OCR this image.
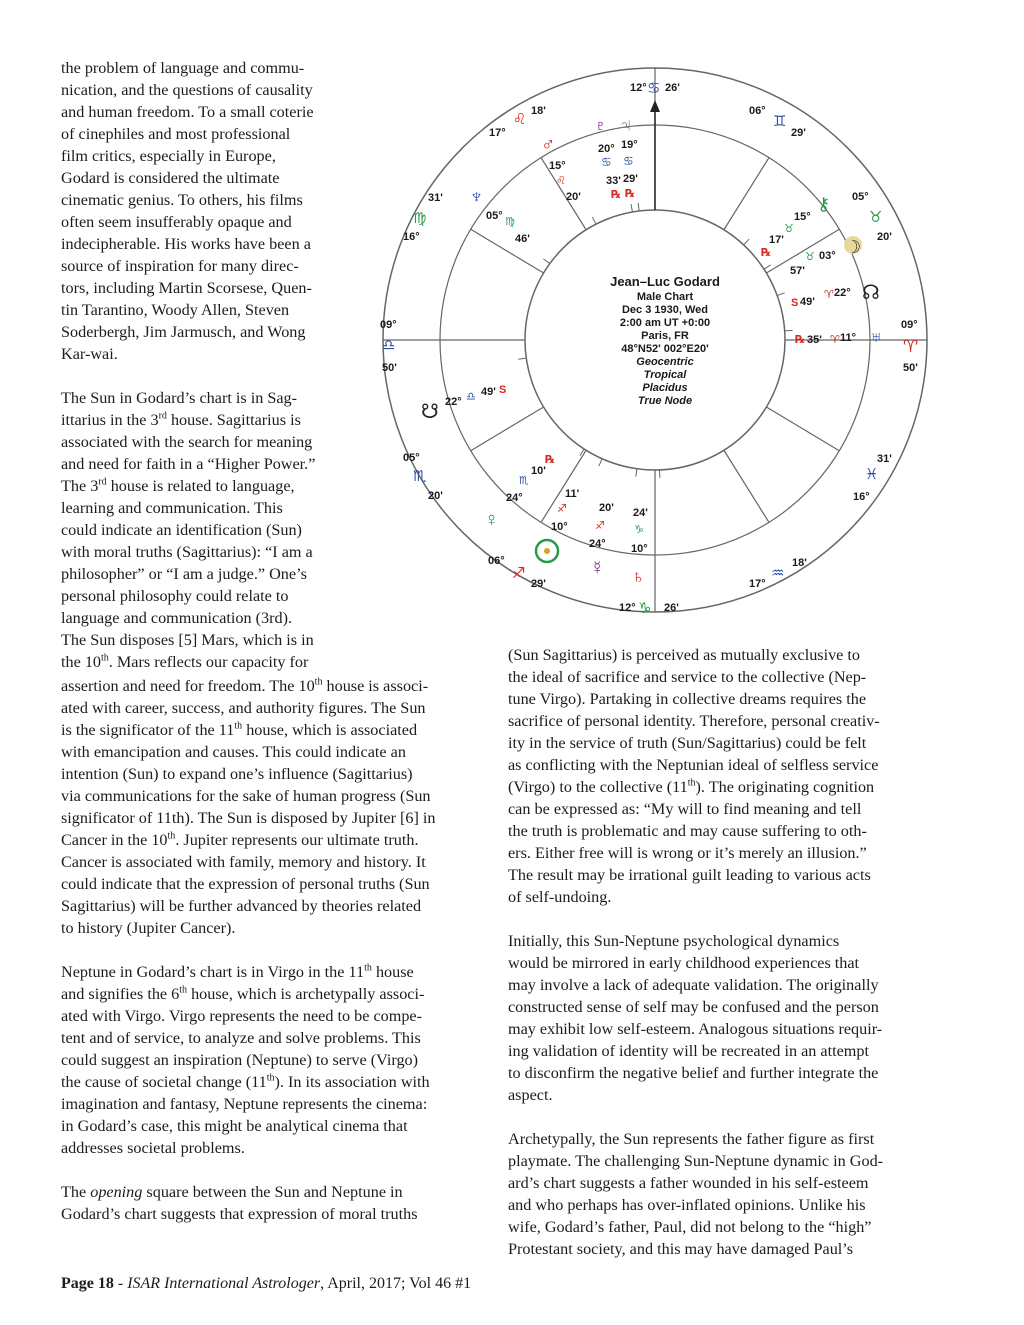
the problem of language and commu-
nication, and the questions of causality
and human freedom. To a small coterie
of cinephiles and most professional
film critics, especially in Europe,
Godard is considered the ultimate
cinematic genius. To others, his films
often seem insufferably opaque and
indecipherable. His works have been a
source of inspiration for many direc-
tors, including Martin Scorsese, Quen-
tin Tarantino, Woody Allen, Steven
Soderbergh, Jim Jarmusch, and Wong
Kar-wai.

The Sun in Godard’s chart is in Sag-
ittarius in the 3rd house. Sagittarius is
associated with the search for meaning
and need for faith in a “Higher Power.”
The 3rd house is related to language,
learning and communication. This
could indicate an identification (Sun)
with moral truths (Sagittarius): “I am a
philosopher” or “I am a judge.” One’s
personal philosophy could relate to
language and communication (3rd).
The Sun disposes [5] Mars, which is in
the 10th. Mars reflects our capacity for

assertion and need for freedom. The 10th house is associ-
ated with career, success, and authority figures. The Sun
is the significator of the 11th house, which is associated
with emancipation and causes. This could indicate an
intention (Sun) to expand one’s influence (Sagittarius)
via communications for the sake of human progress (Sun
significator of 11th). The Sun is disposed by Jupiter [6] in
Cancer in the 10th. Jupiter represents our ultimate truth.
Cancer is associated with family, memory and history. It
could indicate that the expression of personal truths (Sun
Sagittarius) will be further advanced by theories related
to history (Jupiter Cancer).

Neptune in Godard’s chart is in Virgo in the 11th house
and signifies the 6th house, which is archetypally associ-
ated with Virgo. Virgo represents the need to be compe-
tent and of service, to analyze and solve problems. This
could suggest an inspiration (Neptune) to serve (Virgo)
the cause of societal change (11th). In its association with
imagination and fantasy, Neptune represents the cinema:
in Godard’s case, this might be analytical cinema that
addresses societal problems.

The opening square between the Sun and Neptune in
Godard’s chart suggests that expression of moral truths

(Sun Sagittarius) is perceived as mutually exclusive to
the ideal of sacrifice and service to the collective (Nep-
tune Virgo). Partaking in collective dreams requires the
sacrifice of personal identity. Therefore, personal creativ-
ity in the service of truth (Sun/Sagittarius) could be felt
as conflicting with the Neptunian ideal of selfless service
(Virgo) to the collective (11th). The originating cognition
can be expressed as: “My will to find meaning and tell
the truth is problematic and may cause suffering to oth-
ers. Either free will is wrong or it’s merely an illusion.”
The result may be irrational guilt leading to various acts
of self-undoing.

Initially, this Sun-Neptune psychological dynamics
would be mirrored in early childhood experiences that
may involve a lack of adequate validation. The originally
constructed sense of self may be confused and the person
may exhibit low self-esteem. Analogous situations requir-
ing validation of identity will be recreated in an attempt
to disconfirm the negative belief and further integrate the
aspect.

Archetypally, the Sun represents the father figure as first
playmate. The challenging Sun-Neptune dynamic in God-
ard’s chart suggests a father wounded in his self-esteem
and who perhaps has over-inflated opinions. Unlike his
wife, Godard’s father, Paul, did not belong to the “high”
Protestant society, and this may have damaged Paul’s

Jean–Luc Godard
Male Chart
Dec 3 1930, Wed
2:00 am UT +0:00
Paris, FR
48°N52' 002°E20'
Geocentric
Tropical
Placidus
True Node
12° ♋ 26'
12° ♑ 26'
09°
♎
50'
09°
♈
50'
06°
♊
29'
05°
♉
20'
17°
♌ 18'
16°
♍
31'
16°
♓
31'
17°
♒
18'
06°
♐
29'
05°
♏
20'
♇ ♃
20° 19°
♋ ♋
33' 29'
℞ ℞
♂
15°
♌
20'
♆
05° ♍
46'
⚷
15°
♉
17'
℞	☽
03°
♉
57'
☊
22°
♈
49'
S
♅
11°
♈
35'
℞
☋ 22° ♎ 49' S
♀
24°
♏
10'
℞
10°
♐
11'
☿
24°
♐
20'
♄
10°
♑
24'
Page 18 - ISAR International Astrologer, April, 2017; Vol 46 #1
